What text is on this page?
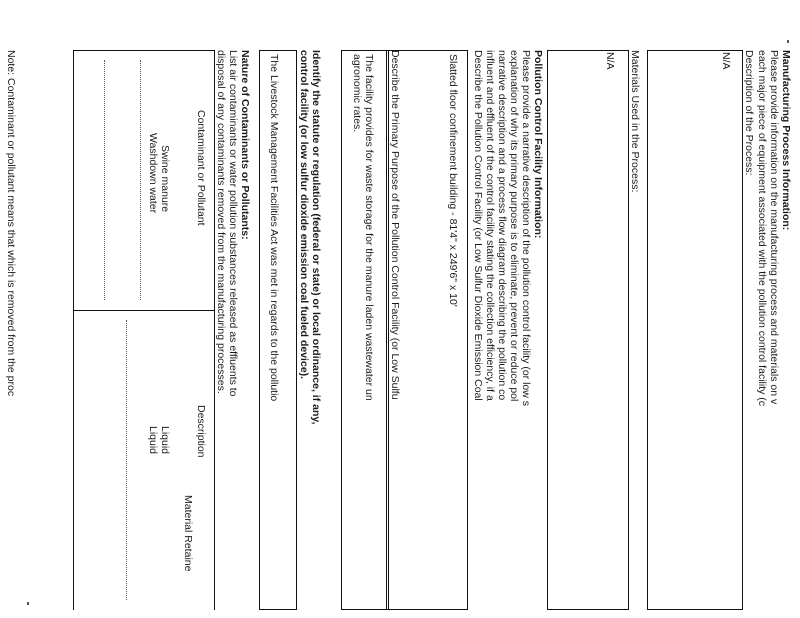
Manufacturing Process Information:
Please provide information on the manufacturing process and materials on v
each major piece of equipment associated with the pollution control facility (c
Description of the Process:
N/A
Materials Used in the Process:
N/A
Pollution Control Facility Information:
Please provide a narrative description of the pollution control facility (or low s
explanation of why its primary purpose is to eliminate, prevent or reduce pol
narrative description and a process flow diagram describing the pollution co
influent and effluent of the control facility stating the collection efficiency, if a
Describe the Pollution Control Facility (or Low Sulfur Dioxide Emission Coal
Slatted floor confinement building - 81'4" x 249'6" x 10'
Describe the Primary Purpose of the Pollution Control Facility (or Low Sulfu
The facility provides for waste storage for the manure laden wastewater un
agronomic rates.
Identify the statute or regulation (federal or state) or local ordinance, if any,
control facility (or low sulfur dioxide emission coal fueled device).
The Livestock Management Facilities Act was met in regards to the pollutio
Nature of Contaminants or Pollutants:
List air contaminants or water pollution substances released as effluents to
disposal of any contaminants removed from the manufacturing processes.
Contaminant or Pollutant
Description
Material Retaine
Swine manure
Liquid
Washdown water
Liquid
Note: Contaminant or pollutant means that which is removed from the proc
